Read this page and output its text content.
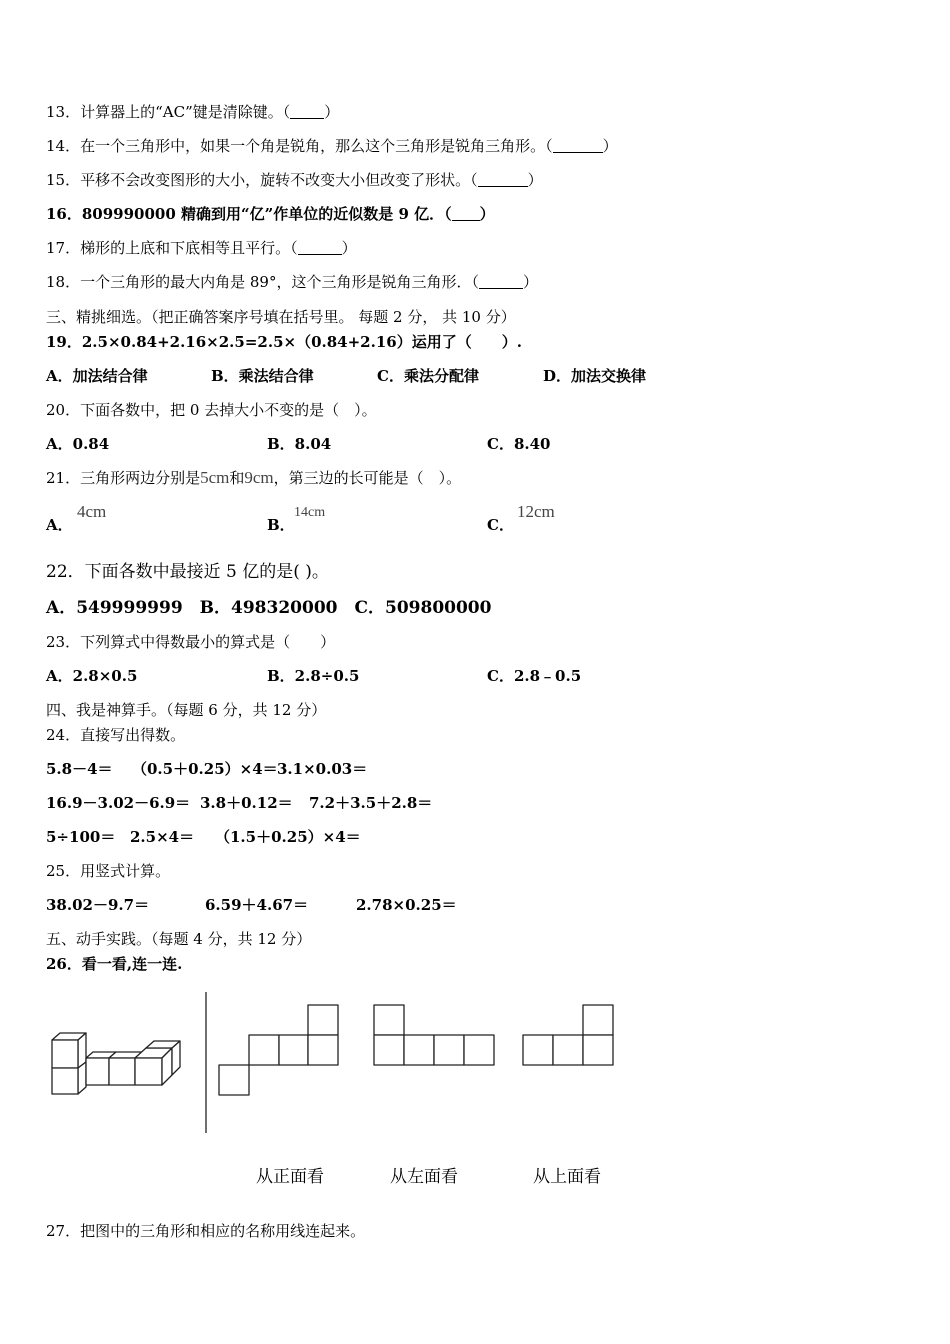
13．计算器上的“AC”键是清除键。（ ）
14．在一个三角形中，如果一个角是锐角，那么这个三角形是锐角三角形。（	）
15．平移不会改变图形的大小，旋转不改变大小但改变了形状。（	）
16．809990000 精确到用“亿”作单位的近似数是 9 亿．（ ）
17．梯形的上底和下底相等且平行。（	）
18．一个三角形的最大内角是 89°，这个三角形是锐角三角形．（	）
三、精挑细选。（把正确答案序号填在括号里。 每题 2 分， 共 10 分）
19．2.5×0.84+2.16×2.5=2.5×（0.84+2.16）运用了（　　）.
A．加法结合律	B．乘法结合律	C．乘法分配律	D．加法交换律
20．下面各数中，把 0 去掉大小不变的是（　）。
A．0.84	B．8.04	C．8.40
21．三角形两边分别是5cm和9cm，第三边的长可能是（　）。
A．
4cm
B．
14cm
C．
12cm
22．下面各数中最接近 5 亿的是( )。
A．549999999　B．498320000　C．509800000
23．下列算式中得数最小的算式是（　　）
A．2.8×0.5	B．2.8÷0.5	C．2.8﹣0.5
四、我是神算手。（每题 6 分，共 12 分）
24．直接写出得数。
5.8－4＝ （0.5＋0.25）×4＝ 3.1×0.03＝
16.9－3.02－6.9＝ 3.8＋0.12＝ 7.2＋3.5＋2.8＝
5÷100＝ 2.5×4＝ （1.5＋0.25）×4＝
25．用竖式计算。
38.02－9.7＝	6.59＋4.67＝	2.78×0.25＝
五、动手实践。（每题 4 分，共 12 分）
26．看一看,连一连.
从正面看	从左面看	从上面看
27．把图中的三角形和相应的名称用线连起来。
